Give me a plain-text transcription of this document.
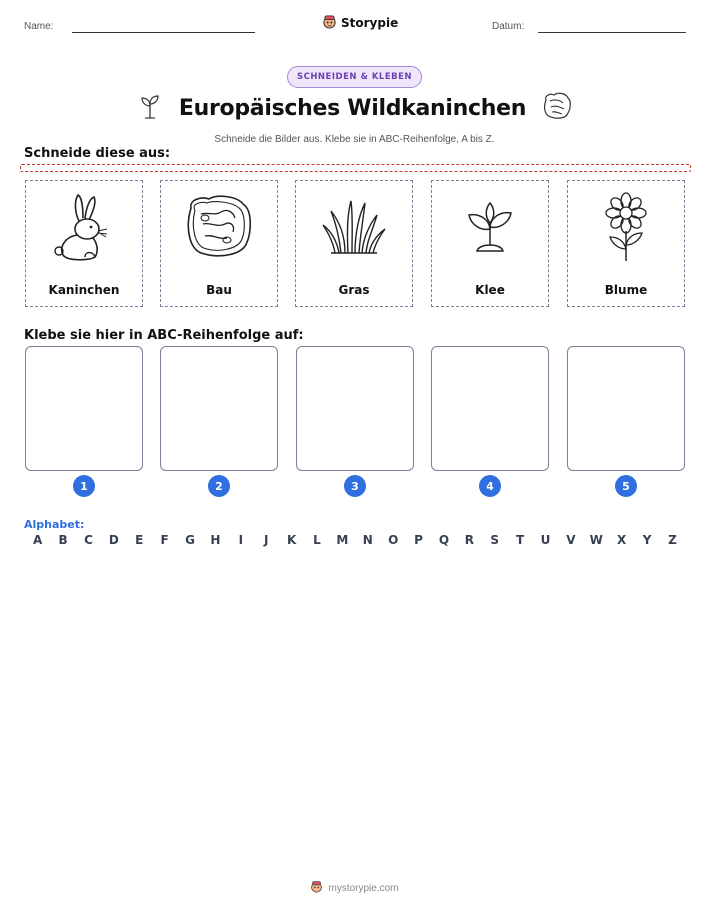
Name:	Storypie	Datum:
SCHNEIDEN & KLEBEN
Europäisches Wildkaninchen
Schneide die Bilder aus. Klebe sie in ABC-Reihenfolge, A bis Z.
Schneide diese aus:
Kaninchen	Bau	Gras	Klee	Blume
Klebe sie hier in ABC-Reihenfolge auf:
1	2	3	4	5
Alphabet:
A	B	C	D	E	F	G	H	I	J	K	L	M	N	O	P	Q	R	S	T	U	V	W	X	Y	Z
mystorypie.com
